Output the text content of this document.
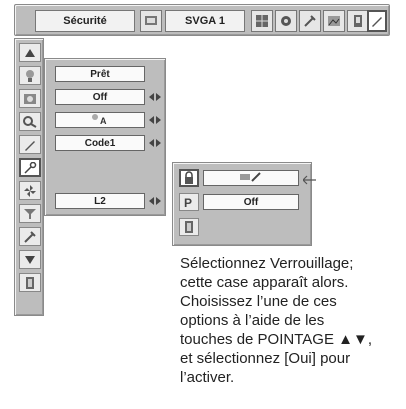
Sécurité	SVGA 1
Prêt
Off
A
Code1
L2	P	Off

Sélectionnez Verrouillage;

cette case apparaît alors.

Choisissez l’une de ces

options à l’aide de les

touches de POINTAGE ▲▼,

et sélectionnez [Oui] pour

l’activer.
